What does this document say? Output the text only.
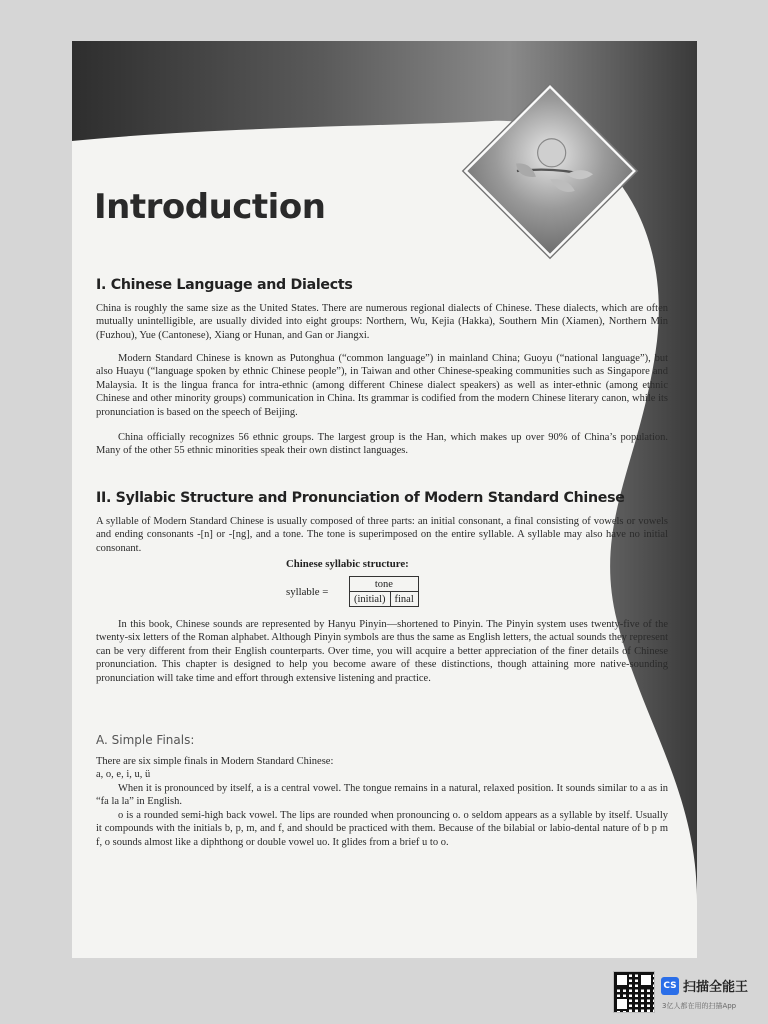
Introduction
I. Chinese Language and Dialects

China is roughly the same size as the United States. There are numerous regional dialects of Chinese. These dialects, which are often mutually unintelligible, are usually divided into eight groups: Northern, Wu, Kejia (Hakka), Southern Min (Xiamen), Northern Min (Fuzhou), Yue (Cantonese), Xiang or Hunan, and Gan or Jiangxi.

Modern Standard Chinese is known as Putonghua (“common language”) in mainland China; Guoyu (“national language”), but also Huayu (“language spoken by ethnic Chinese people”), in Taiwan and other Chinese-speaking communities such as Singapore and Malaysia. It is the lingua franca for intra-ethnic (among different Chinese dialect speakers) as well as inter-ethnic (among ethnic Chinese and other minority groups) communication in China. Its grammar is codified from the modern Chinese literary canon, while its pronunciation is based on the speech of Beijing.

China officially recognizes 56 ethnic groups. The largest group is the Han, which makes up over 90% of China’s population. Many of the other 55 ethnic minorities speak their own distinct languages.

II. Syllabic Structure and Pronunciation of Modern Standard Chinese

A syllable of Modern Standard Chinese is usually composed of three parts: an initial consonant, a final consisting of vowels or vowels and ending consonants -[n] or -[ng], and a tone. The tone is superimposed on the entire syllable. A syllable may also have no initial consonant.

Chinese syllabic structure:

syllable =
tone
(initial)	final

In this book, Chinese sounds are represented by Hanyu Pinyin—shortened to Pinyin. The Pinyin system uses twenty-five of the twenty-six letters of the Roman alphabet. Although Pinyin symbols are thus the same as English letters, the actual sounds they represent can be very different from their English counterparts. Over time, you will acquire a better appreciation of the finer details of Chinese pronunciation. This chapter is designed to help you become aware of these distinctions, though attaining more native-sounding pronunciation will take time and effort through extensive listening and practice.

A. Simple Finals:

There are six simple finals in Modern Standard Chinese:

a, o, e, i, u, ü

When it is pronounced by itself, a is a central vowel. The tongue remains in a natural, relaxed position. It sounds similar to a as in “fa la la” in English.

o is a rounded semi-high back vowel. The lips are rounded when pronouncing o. o seldom appears as a syllable by itself. Usually it compounds with the initials b, p, m, and f, and should be practiced with them. Because of the bilabial or labio-dental nature of b p m f, o sounds almost like a diphthong or double vowel uo. It glides from a brief u to o.

CS 扫描全能王
3亿人都在用的扫描App
